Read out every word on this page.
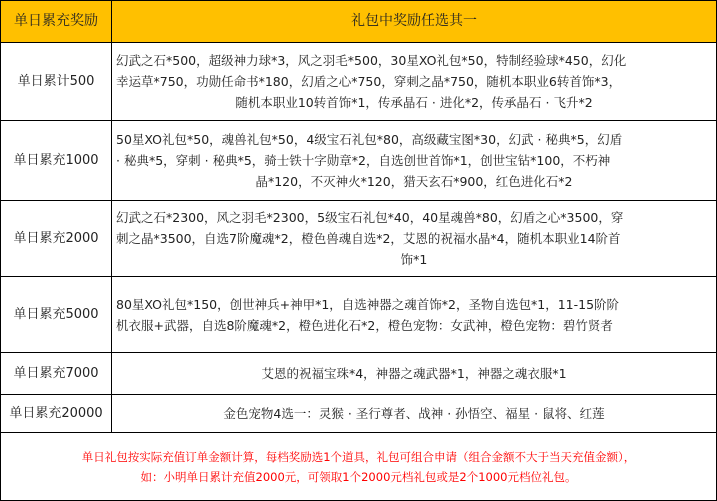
单日累充奖励	礼包中奖励任选其一
单日累计500	幻武之石*500，超级神力球*3，风之羽毛*500，30星XO礼包*50，特制经验球*450，幻化
幸运草*750，功勋任命书*180，幻盾之心*750，穿刺之晶*750，随机本职业6转首饰*3，
随机本职业10转首饰*1，传承晶石 · 进化*2，传承晶石 · 飞升*2

单日累充1000	50星XO礼包*50，魂兽礼包*50，4级宝石礼包*80，高级藏宝图*30，幻武 · 秘典*5，幻盾
· 秘典*5，穿刺 · 秘典*5，骑士铁十字勋章*2，自选创世首饰*1，创世宝钻*100，不朽神
晶*120，不灭神火*120，猎天玄石*900，红色进化石*2

单日累充2000	幻武之石*2300，风之羽毛*2300，5级宝石礼包*40，40星魂兽*80，幻盾之心*3500，穿
刺之晶*3500，自选7阶魔魂*2，橙色兽魂自选*2，艾恩的祝福水晶*4，随机本职业14阶首
饰*1

单日累充5000	80星XO礼包*150，创世神兵+神甲*1，自选神器之魂首饰*2，圣物自选包*1，11-15阶阶
机衣服+武器，自选8阶魔魂*2，橙色进化石*2，橙色宠物：女武神，橙色宠物：碧竹贤者

单日累充7000	艾恩的祝福宝珠*4，神器之魂武器*1，神器之魂衣服*1

单日累充20000	金色宠物4选一：灵猴 · 圣行尊者、战神 · 孙悟空、福星 · 鼠将、红莲

单日礼包按实际充值订单金额计算，每档奖励选1个道具，礼包可组合申请（组合金额不大于当天充值金额），
如：小明单日累计充值2000元，可领取1个2000元档礼包或是2个1000元档位礼包。	
